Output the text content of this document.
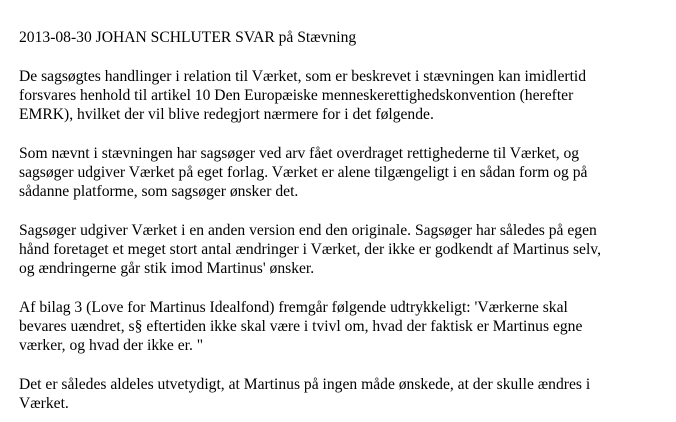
2013-08-30 JOHAN SCHLUTER SVAR på Stævning

De sagsøgtes handlinger i relation til Værket, som er beskrevet i stævningen kan imidlertid
forsvares henhold til artikel 10 Den Europæiske menneskerettighedskonvention (herefter
EMRK), hvilket der vil blive redegjort nærmere for i det følgende.

Som nævnt i stævningen har sagsøger ved arv fået overdraget rettighederne til Værket, og
sagsøger udgiver Værket på eget forlag. Værket er alene tilgængeligt i en sådan form og på
sådanne platforme, som sagsøger ønsker det.

Sagsøger udgiver Værket i en anden version end den originale. Sagsøger har således på egen
hånd foretaget et meget stort antal ændringer i Værket, der ikke er godkendt af Martinus selv,
og ændringerne går stik imod Martinus' ønsker.

Af bilag 3 (Love for Martinus Idealfond) fremgår følgende udtrykkeligt: 'Værkerne skal
bevares uændret, s§ eftertiden ikke skal være i tvivl om, hvad der faktisk er Martinus egne
værker, og hvad der ikke er. "

Det er således aldeles utvetydigt, at Martinus på ingen måde ønskede, at der skulle ændres i
Værket.
